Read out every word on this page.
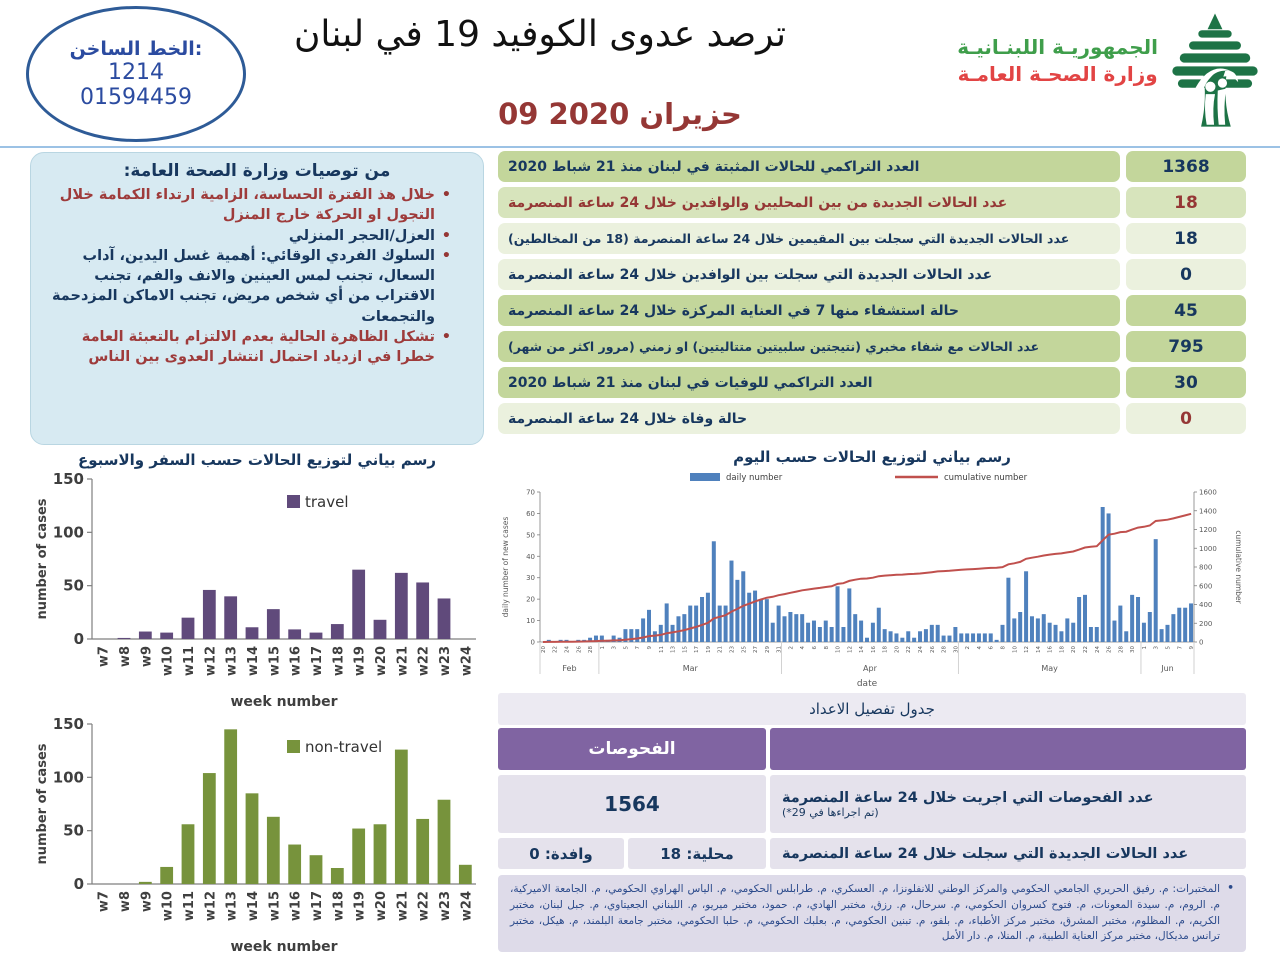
الخط الساخن:
1214
01594459
ترصد عدوى الكوفيد 19 في لبنان
09 حزيران 2020
الجمهوريـة اللبنـانيـة
وزارة الصحـة العامـة
من توصيات وزارة الصحة العامة:
• خلال هذ الفترة الحساسة، الزامية ارتداء الكمامة خلال التجول او الحركة خارج المنزل
• العزل/الحجر المنزلي
• السلوك الفردي الوقائي: أهمية غسل اليدين، آداب السعال، تجنب لمس العينين والانف والفم، تجنب الاقتراب من أي شخص مريض، تجنب الاماكن المزدحمة والتجمعات
• تشكل الظاهرة الحالية بعدم الالتزام بالتعبئة العامة خطرا في ازدياد احتمال انتشار العدوى بين الناس
العدد التراكمي للحالات المثبتة في لبنان منذ 21 شباط 2020	1368
عدد الحالات الجديدة من بين المحليين والوافدين خلال 24 ساعة المنصرمة	18
عدد الحالات الجديدة التي سجلت بين المقيمين خلال 24 ساعة المنصرمة (18 من المخالطين)	18
عدد الحالات الجديدة التي سجلت بين الوافدين خلال 24 ساعة المنصرمة	0
حالة استشفاء منها 7 في العناية المركزة خلال 24 ساعة المنصرمة	45
عدد الحالات مع شفاء مخبري (نتيجتين سلبيتين متتاليتين) او زمني (مرور اكثر من شهر)	795
العدد التراكمي للوفيات في لبنان منذ 21 شباط 2020	30
حالة وفاة خلال 24 ساعة المنصرمة	0
رسم بياني لتوزيع الحالات حسب السفر والاسبوع
0
50
100
150
w7 w8 w9 w10 w11 w12 w13 w14 w15 w16 w17 w18 w19 w20 w21 w22 w23 w24
travel
number of cases
week number
0
50
100
150
w7 w8 w9 w10 w11 w12 w13 w14 w15 w16 w17 w18 w19 w20 w21 w22 w23 w24
non-travel
number of cases
week number
رسم بياني لتوزيع الحالات حسب اليوم
0
10
20
30
40
50
60
70
0
200
400
600
800
1000
1200
1400
1600
20 22 24 26 28 1 3 5 7 9 11 13 15 17 19 21 23 25 27 29 31 2 4 6 8 10 12 14 16 18 20 22 24 26 28 30 2 4 6 8 10 12 14 16 18 20 22 24 26 28 30 1 3 5 7 9
Feb	Mar	Apr	May	Jun
date
daily number of new cases	cumulative number
daily number	cumulative number
جدول تفصيل الاعداد
الفحوصات
1564	عدد الفحوصات التي اجريت خلال 24 ساعة المنصرمة
(تم اجراءها في 29*)
وافدة: 0	محلية: 18	عدد الحالات الجديدة التي سجلت خلال 24 ساعة المنصرمة
• المختبرات: م. رفيق الحريري الجامعي الحكومي والمركز الوطني للانفلونزا، م. العسكري، م. طرابلس الحكومي، م. الياس الهراوي الحكومي، م. الجامعة الاميركية، م. الروم، م. سيدة المعونات، م. فتوح كسروان الحكومي، م. سرحال، م. رزق، مختبر الهادي، م. حمود، مختبر ميريو، م. اللبناني الجعيتاوي، م. جبل لبنان، مختبر الكريم، م. المظلوم، مختبر المشرق، مختبر مركز الأطباء، م. بلفو، م. تبنين الحكومي، م. بعلبك الحكومي، م. حلبا الحكومي، مختبر جامعة البلمند، م. هيكل، مختبر ترانس مديكال، مختبر مركز العناية الطبية، م. المنلا، م. دار الأمل
